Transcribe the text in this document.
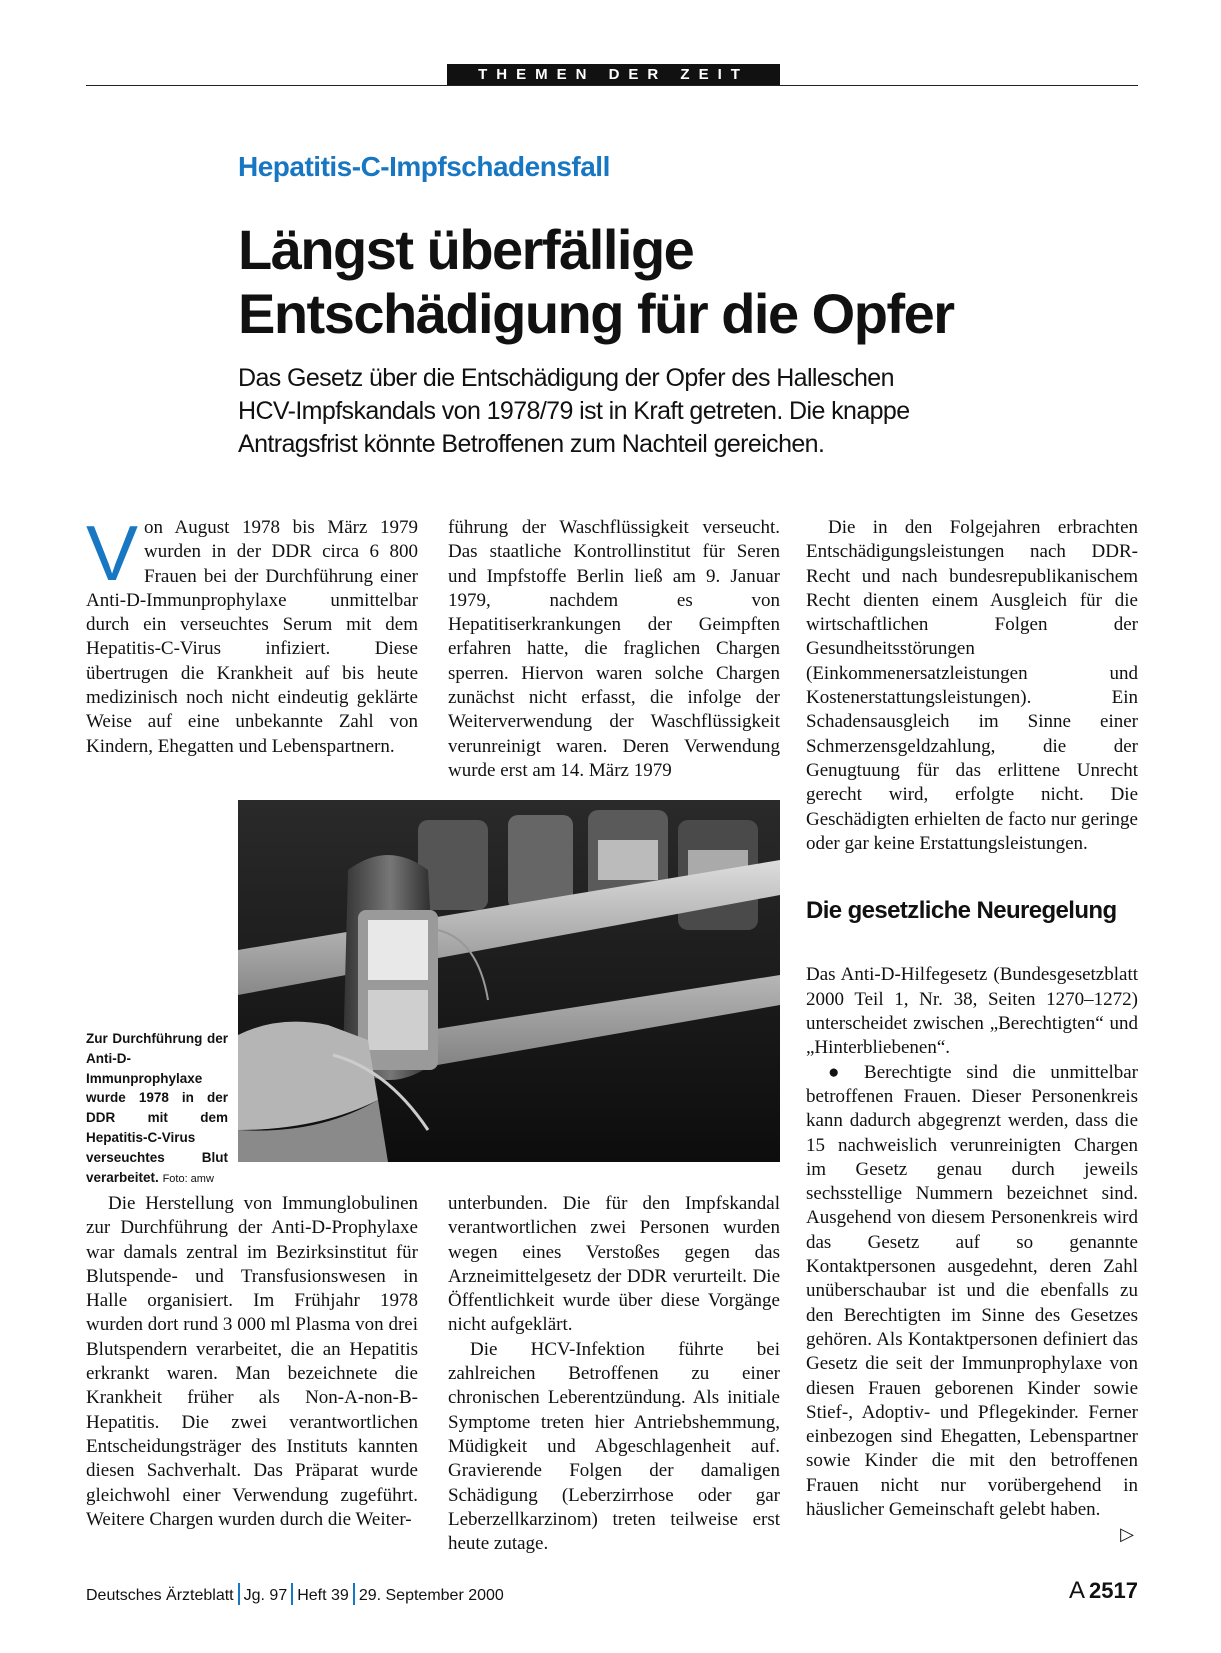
THEMEN DER ZEIT
Hepatitis-C-Impfschadensfall
Längst überfällige
Entschädigung für die Opfer
Das Gesetz über die Entschädigung der Opfer des Halleschen
HCV-Impfskandals von 1978/79 ist in Kraft getreten. Die knappe
Antragsfrist könnte Betroffenen zum Nachteil gereichen.

Von August 1978 bis März 1979 wurden in der DDR circa 6 800 Frauen bei der Durchführung einer Anti-D-Immunprophylaxe unmittelbar durch ein verseuchtes Serum mit dem Hepatitis-C-Virus infiziert. Diese übertrugen die Krankheit auf bis heute medizinisch noch nicht eindeutig geklärte Weise auf eine unbekannte Zahl von Kindern, Ehegatten und Lebenspartnern.

führung der Waschflüssigkeit verseucht. Das staatliche Kontrollinstitut für Seren und Impfstoffe Berlin ließ am 9. Januar 1979, nachdem es von Hepatitiserkrankungen der Geimpften erfahren hatte, die fraglichen Chargen sperren. Hiervon waren solche Chargen zunächst nicht erfasst, die infolge der Weiterverwendung der Waschflüssigkeit verunreinigt waren. Deren Verwendung wurde erst am 14. März 1979

Die in den Folgejahren erbrachten Entschädigungsleistungen nach DDR-Recht und nach bundesrepublikanischem Recht dienten einem Ausgleich für die wirtschaftlichen Folgen der Gesundheitsstörungen (Einkommenersatzleistungen und Kostenerstattungsleistungen). Ein Schadensausgleich im Sinne einer Schmerzensgeldzahlung, die der Genugtuung für das erlittene Unrecht gerecht wird, erfolgte nicht. Die Geschädigten erhielten de facto nur geringe oder gar keine Erstattungsleistungen.

Die gesetzliche Neuregelung

Das Anti-D-Hilfegesetz (Bundesgesetzblatt 2000 Teil 1, Nr. 38, Seiten 1270–1272) unterscheidet zwischen „Berechtigten“ und „Hinterbliebenen“.

● Berechtigte sind die unmittelbar betroffenen Frauen. Dieser Personenkreis kann dadurch abgegrenzt werden, dass die 15 nachweislich verunreinigten Chargen im Gesetz genau durch jeweils sechsstellige Nummern bezeichnet sind. Ausgehend von diesem Personenkreis wird das Gesetz auf so genannte Kontaktpersonen ausgedehnt, deren Zahl unüberschaubar ist und die ebenfalls zu den Berechtigten im Sinne des Gesetzes gehören. Als Kontaktpersonen definiert das Gesetz die seit der Immunprophylaxe von diesen Frauen geborenen Kinder sowie Stief-, Adoptiv- und Pflegekinder. Ferner einbezogen sind Ehegatten, Lebenspartner sowie Kinder die mit den betroffenen Frauen nicht nur vorübergehend in häuslicher Gemeinschaft gelebt haben.
▷

Zur Durchführung der Anti-D-Immunprophylaxe wurde 1978 in der DDR mit dem Hepatitis-C-Virus verseuchtes Blut verarbeitet. Foto: amw

Die Herstellung von Immunglobulinen zur Durchführung der Anti-D-Prophylaxe war damals zentral im Bezirksinstitut für Blutspende- und Transfusionswesen in Halle organisiert. Im Frühjahr 1978 wurden dort rund 3 000 ml Plasma von drei Blutspendern verarbeitet, die an Hepatitis erkrankt waren. Man bezeichnete die Krankheit früher als Non-A-non-B-Hepatitis. Die zwei verantwortlichen Entscheidungsträger des Instituts kannten diesen Sachverhalt. Das Präparat wurde gleichwohl einer Verwendung zugeführt. Weitere Chargen wurden durch die Weiter-

unterbunden. Die für den Impfskandal verantwortlichen zwei Personen wurden wegen eines Verstoßes gegen das Arzneimittelgesetz der DDR verurteilt. Die Öffentlichkeit wurde über diese Vorgänge nicht aufgeklärt.

Die HCV-Infektion führte bei zahlreichen Betroffenen zu einer chronischen Leberentzündung. Als initiale Symptome treten hier Antriebshemmung, Müdigkeit und Abgeschlagenheit auf. Gravierende Folgen der damaligen Schädigung (Leberzirrhose oder gar Leberzellkarzinom) treten teilweise erst heute zutage.

Deutsches Ärzteblatt Jg. 97 Heft 39 29. September 2000	A 2517
